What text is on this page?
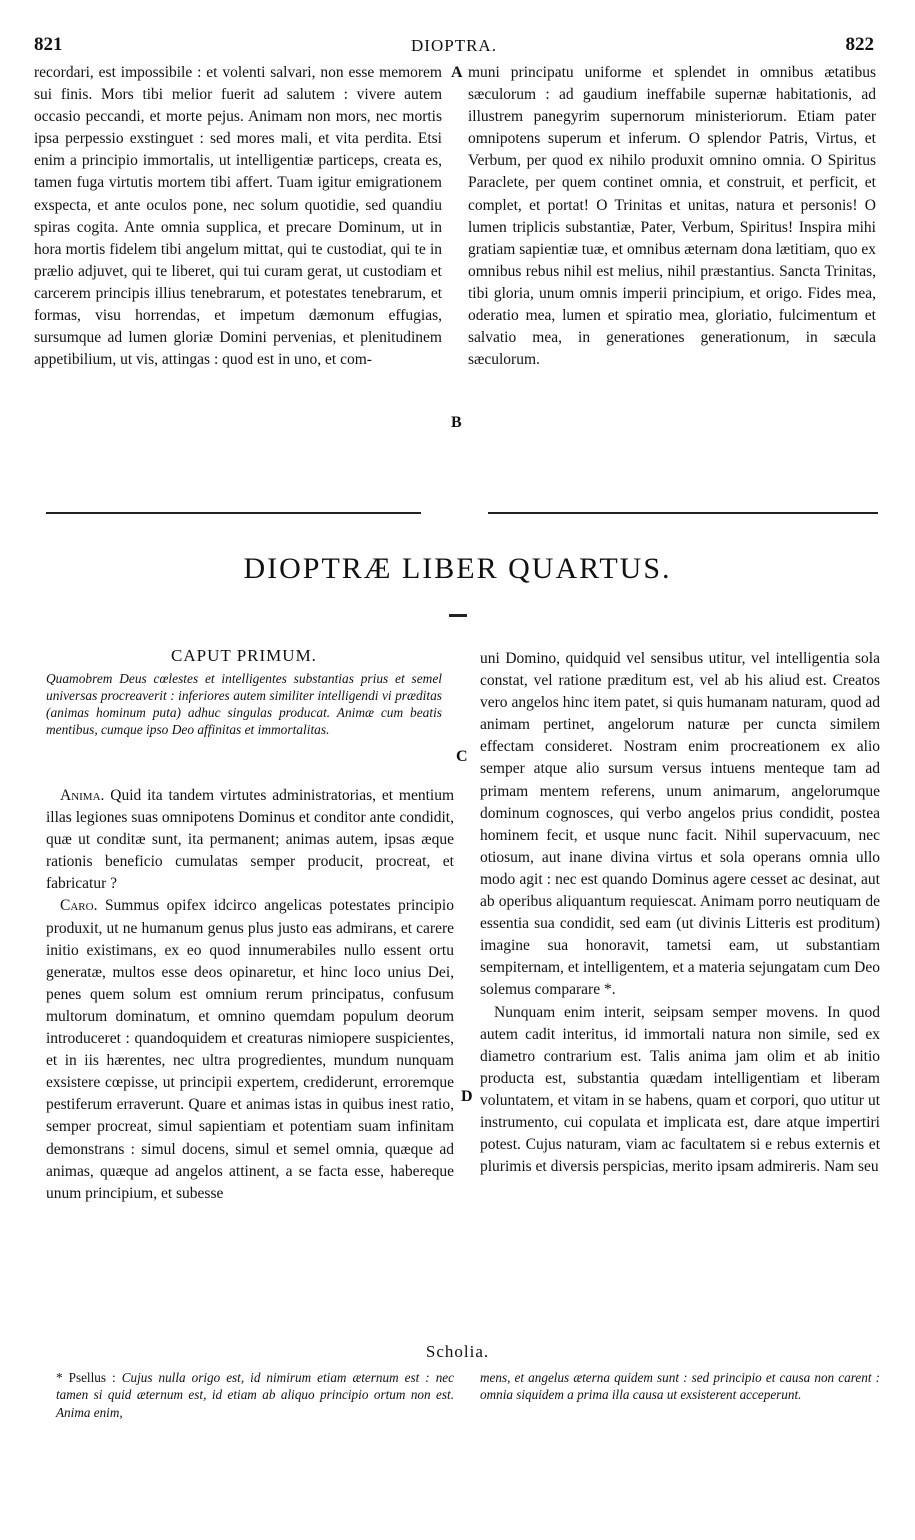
821	DIOPTRA.	822

recordari, est impossibile : et volenti salvari, non esse memorem sui finis. Mors tibi melior fuerit ad salutem : vivere autem occasio peccandi, et morte pejus. Animam non mors, nec mortis ipsa perpessio exstinguet : sed mores mali, et vita perdita. Etsi enim a principio immortalis, ut intelligentiæ particeps, creata es, tamen fuga virtutis mortem tibi affert. Tuam igitur emigrationem exspecta, et ante oculos pone, nec solum quotidie, sed quandiu spiras cogita. Ante omnia supplica, et precare Dominum, ut in hora mortis fidelem tibi angelum mittat, qui te custodiat, qui te in prælio adjuvet, qui te liberet, qui tui curam gerat, ut custodiam et carcerem principis illius tenebrarum, et potestates tenebrarum, et formas, visu horrendas, et impetum dæmonum effugias, sursumque ad lumen gloriæ Domini pervenias, et plenitudinem appetibilium, ut vis, attingas : quod est in uno, et com-

muni principatu uniforme et splendet in omnibus ætatibus sæculorum : ad gaudium ineffabile supernæ habitationis, ad illustrem panegyrim supernorum ministeriorum. Etiam pater omnipotens superum et inferum. O splendor Patris, Virtus, et Verbum, per quod ex nihilo produxit omnino omnia. O Spiritus Paraclete, per quem continet omnia, et construit, et perficit, et complet, et portat! O Trinitas et unitas, natura et personis! O lumen triplicis substantiæ, Pater, Verbum, Spiritus! Inspira mihi gratiam sapientiæ tuæ, et omnibus æternam dona lætitiam, quo ex omnibus rebus nihil est melius, nihil præstantius. Sancta Trinitas, tibi gloria, unum omnis imperii principium, et origo. Fides mea, oderatio mea, lumen et spiratio mea, gloriatio, fulcimentum et salvatio mea, in generationes generationum, in sæcula sæculorum.

A
B
C
D
DIOPTRÆ LIBER QUARTUS.
CAPUT PRIMUM.
Quamobrem Deus cœlestes et intelligentes substantias prius et semel universas procreaverit : inferiores autem similiter intelligendi vi præditas (animas hominum puta) adhuc singulas producat. Animæ cum beatis mentibus, cumque ipso Deo affinitas et immortalitas.

Anima. Quid ita tandem virtutes administratorias, et mentium illas legiones suas omnipotens Dominus et conditor ante condidit, quæ ut conditæ sunt, ita permanent; animas autem, ipsas æque rationis beneficio cumulatas semper producit, procreat, et fabricatur ?

Caro. Summus opifex idcirco angelicas potestates principio produxit, ut ne humanum genus plus justo eas admirans, et carere initio existimans, ex eo quod innumerabiles nullo essent ortu generatæ, multos esse deos opinaretur, et hinc loco unius Dei, penes quem solum est omnium rerum principatus, confusum multorum dominatum, et omnino quemdam populum deorum introduceret : quandoquidem et creaturas nimiopere suspicientes, et in iis hærentes, nec ultra progredientes, mundum nunquam exsistere cœpisse, ut principii expertem, crediderunt, erroremque pestiferum erraverunt. Quare et animas istas in quibus inest ratio, semper procreat, simul sapientiam et potentiam suam infinitam demonstrans : simul docens, simul et semel omnia, quæque ad animas, quæque ad angelos attinent, a se facta esse, habereque unum principium, et subesse

uni Domino, quidquid vel sensibus utitur, vel intelligentia sola constat, vel ratione præditum est, vel ab his aliud est. Creatos vero angelos hinc item patet, si quis humanam naturam, quod ad animam pertinet, angelorum naturæ per cuncta similem effectam consideret. Nostram enim procreationem ex alio semper atque alio sursum versus intuens menteque tam ad primam mentem referens, unum animarum, angelorumque dominum cognosces, qui verbo angelos prius condidit, postea hominem fecit, et usque nunc facit. Nihil supervacuum, nec otiosum, aut inane divina virtus et sola operans omnia ullo modo agit : nec est quando Dominus agere cesset ac desinat, aut ab operibus aliquantum requiescat. Animam porro neutiquam de essentia sua condidit, sed eam (ut divinis Litteris est proditum) imagine sua honoravit, tametsi eam, ut substantiam sempiternam, et intelligentem, et a materia sejungatam cum Deo solemus comparare *.

Nunquam enim interit, seipsam semper movens. In quod autem cadit interitus, id immortali natura non simile, sed ex diametro contrarium est. Talis anima jam olim et ab initio producta est, substantia quædam intelligentiam et liberam voluntatem, et vitam in se habens, quam et corpori, quo utitur ut instrumento, cui copulata et implicata est, dare atque impertiri potest. Cujus naturam, viam ac facultatem si e rebus externis et plurimis et diversis perspicias, merito ipsam admireris. Nam seu

Scholia.
* Psellus : Cujus nulla origo est, id nimirum etiam æternum est : nec tamen si quid æternum est, id etiam ab aliquo principio ortum non est. Anima enim,
mens, et angelus æterna quidem sunt : sed principio et causa non carent : omnia siquidem a prima illa causa ut exsisterent acceperunt.
